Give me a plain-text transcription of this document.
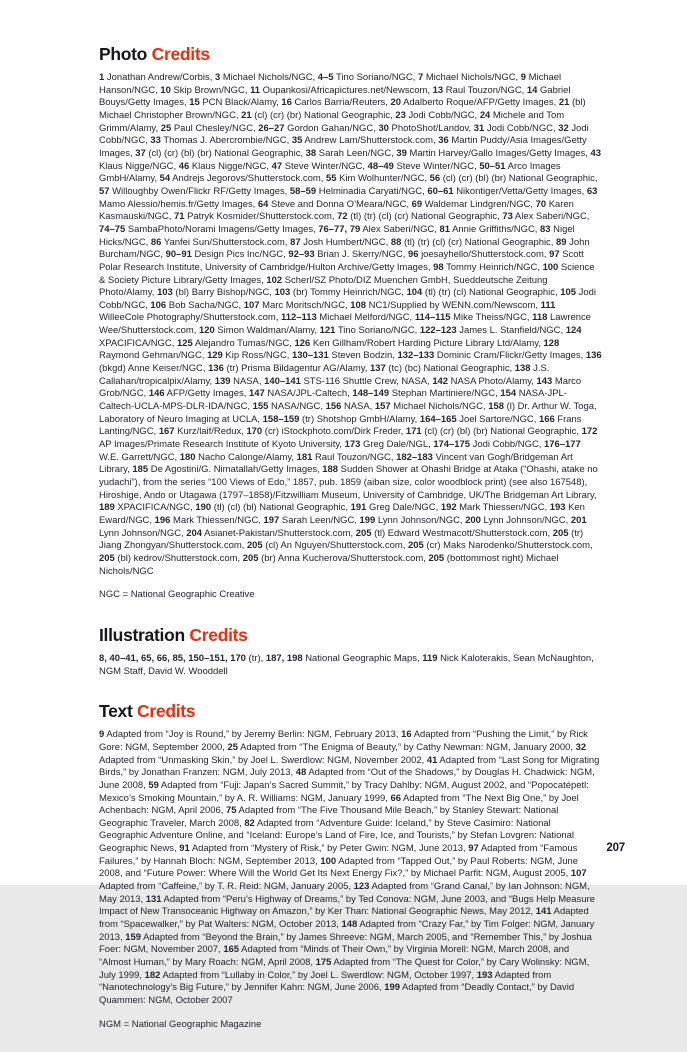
Photo Credits

1 Jonathan Andrew/Corbis, 3 Michael Nichols/NGC, 4–5 Tino Soriano/NGC, 7 Michael Nichols/NGC, 9 Michael Hanson/NGC, 10 Skip Brown/NGC, 11 Oupankosi/Africapictures.net/Newscom, 13 Raul Touzon/NGC, 14 Gabriel Bouys/Getty Images, 15 PCN Black/Alamy, 16 Carlos Barria/Reuters, 20 Adalberto Roque/AFP/Getty Images, 21 (bl) Michael Christopher Brown/NGC, 21 (cl) (cr) (br) National Geographic, 23 Jodi Cobb/NGC, 24 Michele and Tom Grimm/Alamy, 25 Paul Chesley/NGC, 26–27 Gordon Gahan/NGC, 30 PhotoShot/Landov, 31 Jodi Cobb/NGC, 32 Jodi Cobb/NGC, 33 Thomas J. Abercrombie/NGC, 35 Andrew Lam/Shutterstock.com, 36 Martin Puddy/Asia Images/Getty Images, 37 (cl) (cr) (bl) (br) National Geographic, 38 Sarah Leen/NGC, 39 Martin Harvey/Gallo Images/Getty Images, 43 Klaus Nigge/NGC, 46 Klaus Nigge/NGC, 47 Steve Winter/NGC, 48–49 Steve Winter/NGC, 50–51 Arco Images GmbH/Alamy, 54 Andrejs Jegorovs/Shutterstock.com, 55 Kim Wolhunter/NGC, 56 (cl) (cr) (bl) (br) National Geographic, 57 Willoughby Owen/Flickr RF/Getty Images, 58–59 Helminadia Caryati/NGC, 60–61 Nikontiger/Vetta/Getty Images, 63 Mamo Alessio/hemis.fr/Getty Images, 64 Steve and Donna O’Meara/NGC, 69 Waldemar Lindgren/NGC, 70 Karen Kasmauski/NGC, 71 Patryk Kosmider/Shutterstock.com, 72 (tl) (tr) (cl) (cr) National Geographic, 73 Alex Saberi/NGC, 74–75 SambaPhoto/Norami Imagens/Getty Images, 76–77, 79 Alex Saberi/NGC, 81 Annie Griffiths/NGC, 83 Nigel Hicks/NGC, 86 Yanfei Sun/Shutterstock.com, 87 Josh Humbert/NGC, 88 (tl) (tr) (cl) (cr) National Geographic, 89 John Burcham/NGC, 90–91 Design Pics Inc/NGC, 92–93 Brian J. Skerry/NGC, 96 joesayhello/Shutterstock.com, 97 Scott Polar Research Institute, University of Cambridge/Hulton Archive/Getty Images, 98 Tommy Heinrich/NGC, 100 Science & Society Picture Library/Getty Images, 102 Scherl/SZ Photo/DIZ Muenchen GmbH, Sueddeutsche Zeitung Photo/Alamy, 103 (bl) Barry Bishop/NGC, 103 (br) Tommy Heinrich/NGC, 104 (tl) (tr) (cl) National Geographic, 105 Jodi Cobb/NGC, 106 Bob Sacha/NGC, 107 Marc Moritsch/NGC, 108 NC1/Supplied by WENN.com/Newscom, 111 WilleeCole Photography/Shutterstock.com, 112–113 Michael Melford/NGC, 114–115 Mike Theiss/NGC, 118 Lawrence Wee/Shutterstock.com, 120 Simon Waldman/Alamy, 121 Tino Soriano/NGC, 122–123 James L. Stanfield/NGC, 124 XPACIFICA/NGC, 125 Alejandro Tumas/NGC, 126 Ken Gillham/Robert Harding Picture Library Ltd/Alamy, 128 Raymond Gehman/NGC, 129 Kip Ross/NGC, 130–131 Steven Bodzin, 132–133 Dominic Cram/Flickr/Getty Images, 136 (bkgd) Anne Keiser/NGC, 136 (tr) Prisma Bildagentur AG/Alamy, 137 (tc) (bc) National Geographic, 138 J.S. Callahan/tropicalpix/Alamy, 139 NASA, 140–141 STS-116 Shuttle Crew, NASA, 142 NASA Photo/Alamy, 143 Marco Grob/NGC, 146 AFP/Getty Images, 147 NASA/JPL-Caltech, 148–149 Stephan Martiniere/NGC, 154 NASA-JPL-Caltech-UCLA-MPS-DLR-IDA/NGC, 155 NASA/NGC, 156 NASA, 157 Michael Nichols/NGC, 158 (l) Dr. Arthur W. Toga, Laboratory of Neuro Imaging at UCLA, 158–159 (tr) Shotshop GmbH/Alamy, 164–165 Joel Sartore/NGC, 166 Frans Lanting/NGC, 167 Kurz/laif/Redux, 170 (cr) iStockphoto.com/Dirk Freder, 171 (cl) (cr) (bl) (br) National Geographic, 172 AP Images/Primate Research Institute of Kyoto University, 173 Greg Dale/NGL, 174–175 Jodi Cobb/NGC, 176–177 W.E. Garrett/NGC, 180 Nacho Calonge/Alamy, 181 Raul Touzon/NGC, 182–183 Vincent van Gogh/Bridgeman Art Library, 185 De Agostini/G. Nimatallah/Getty Images, 188 Sudden Shower at Ohashi Bridge at Ataka (“Ohashi, atake no yudachi”), from the series “100 Views of Edo,” 1857, pub. 1859 (aiban size, color woodblock print) (see also 167548), Hiroshige, Ando or Utagawa (1797–1858)/Fitzwilliam Museum, University of Cambridge, UK/The Bridgeman Art Library, 189 XPACIFICA/NGC, 190 (tl) (cl) (bl) National Geographic, 191 Greg Dale/NGC, 192 Mark Thiessen/NGC, 193 Ken Eward/NGC, 196 Mark Thiessen/NGC, 197 Sarah Leen/NGC, 199 Lynn Johnson/NGC, 200 Lynn Johnson/NGC, 201 Lynn Johnson/NGC, 204 Asianet-Pakistan/Shutterstock.com, 205 (tl) Edward Westmacott/Shutterstock.com, 205 (tr) Jiang Zhongyan/Shutterstock.com, 205 (cl) An Nguyen/Shutterstock.com, 205 (cr) Maks Narodenko/Shutterstock.com, 205 (bl) kedrov/Shutterstock.com, 205 (br) Anna Kucherova/Shutterstock.com, 205 (bottommost right) Michael Nichols/NGC

NGC = National Geographic Creative

Illustration Credits

8, 40–41, 65, 66, 85, 150–151, 170 (tr), 187, 198 National Geographic Maps, 119 Nick Kaloterakis, Sean McNaughton, NGM Staff, David W. Wooddell

Text Credits

9 Adapted from “Joy is Round,” by Jeremy Berlin: NGM, February 2013, 16 Adapted from “Pushing the Limit,” by Rick Gore: NGM, September 2000, 25 Adapted from “The Enigma of Beauty,” by Cathy Newman: NGM, January 2000, 32 Adapted from “Unmasking Skin,” by Joel L. Swerdlow: NGM, November 2002, 41 Adapted from “Last Song for Migrating Birds,” by Jonathan Franzen: NGM, July 2013, 48 Adapted from “Out of the Shadows,” by Douglas H. Chadwick: NGM, June 2008, 59 Adapted from “Fuji: Japan’s Sacred Summit,” by Tracy Dahlby: NGM, August 2002, and “Popocatépetl: Mexico’s Smoking Mountain,” by A. R. Williams: NGM, January 1999, 66 Adapted from “The Next Big One,” by Joel Achenbach: NGM, April 2006, 75 Adapted from “The Five Thousand Mile Beach,” by Stanley Stewart: National Geographic Traveler, March 2008, 82 Adapted from “Adventure Guide: Iceland,” by Steve Casimiro: National Geographic Adventure Online, and “Iceland: Europe’s Land of Fire, Ice, and Tourists,” by Stefan Lovgren: National Geographic News, 91 Adapted from “Mystery of Risk,” by Peter Gwin: NGM, June 2013, 97 Adapted from “Famous Failures,” by Hannah Bloch: NGM, September 2013, 100 Adapted from “Tapped Out,” by Paul Roberts: NGM, June 2008, and “Future Power: Where Will the World Get Its Next Energy Fix?,” by Michael Parfit: NGM, August 2005, 107 Adapted from “Caffeine,” by T. R. Reid: NGM, January 2005, 123 Adapted from “Grand Canal,” by Ian Johnson: NGM, May 2013, 131 Adapted from “Peru’s Highway of Dreams,” by Ted Conova: NGM, June 2003, and “Bugs Help Measure Impact of New Transoceanic Highway on Amazon,” by Ker Than: National Geographic News, May 2012, 141 Adapted from “Spacewalker,” by Pat Walters: NGM, October 2013, 148 Adapted from “Crazy Far,” by Tim Folger: NGM, January 2013, 159 Adapted from “Beyond the Brain,” by James Shreeve: NGM, March 2005, and “Remember This,” by Joshua Foer: NGM, November 2007, 165 Adapted from “Minds of Their Own,” by Virginia Morell: NGM, March 2008, and “Almost Human,” by Mary Roach: NGM, April 2008, 175 Adapted from “The Quest for Color,” by Cary Wolinsky: NGM, July 1999, 182 Adapted from “Lullaby in Color,” by Joel L. Swerdlow: NGM, October 1997, 193 Adapted from “Nanotechnology’s Big Future,” by Jennifer Kahn: NGM, June 2006, 199 Adapted from “Deadly Contact,” by David Quammen: NGM, October 2007

NGM = National Geographic Magazine

207
